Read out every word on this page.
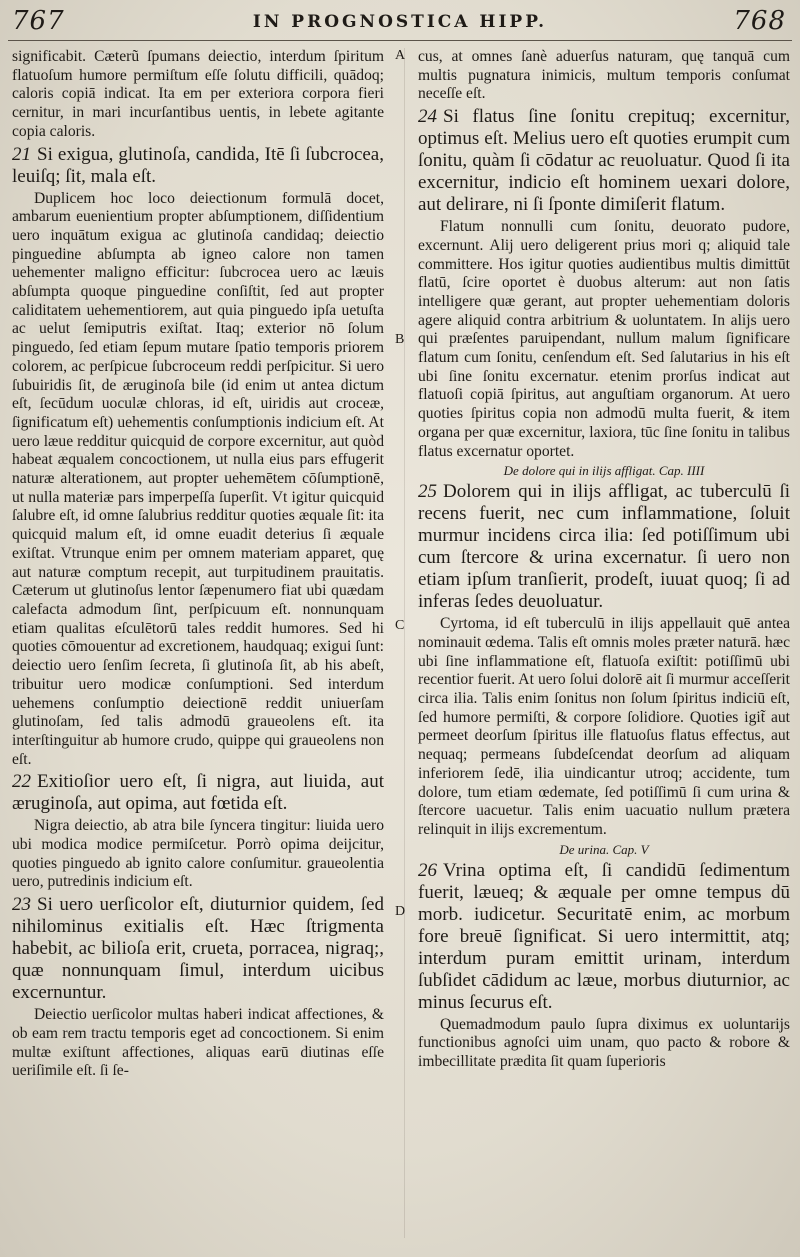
767	IN PROGNOSTICA HIPP.	768
A
B
C
D

significabit. Cæterũ ſpumans deiectio, interdum ſpiritum flatuoſum humore permiſtum eſſe ſolutu difficili, quādoq; caloris copiā indicat. Ita em per exteriora corpora fieri cernitur, in mari incurſantibus uentis, in lebete agitante copia caloris.

21 Si exigua, glutinoſa, candida, Itē ſi ſubcrocea, leuiſq; ſit, mala eſt.

Duplicem hoc loco deiectionum formulā docet, ambarum euenientium propter abſumptionem, diſſidentium uero inquātum exigua ac glutinoſa candidaq; deiectio pinguedine abſumpta ab igneo calore non tamen uehementer maligno efficitur: ſubcrocea uero ac læuis abſumpta quoque pinguedine conſiſtit, ſed aut propter caliditatem uehementiorem, aut quia pinguedo ipſa uetuſta ac uelut ſemiputris exiſtat. Itaq; exterior nō ſolum pinguedo, ſed etiam ſepum mutare ſpatio temporis priorem colorem, ac perſpicue ſubcroceum reddi perſpicitur. Si uero ſubuiridis ſit, de æruginoſa bile (id enim ut antea dictum eſt, ſecūdum uoculæ chloras, id eſt, uiridis aut croceæ, ſignificatum eſt) uehementis conſumptionis indicium eſt. At uero læue redditur quicquid de corpore excernitur, aut quòd habeat æqualem concoctionem, ut nulla eius pars effugerit naturæ alterationem, aut propter uehemētem cōſumptionē, ut nulla materiæ pars imperpeſſa ſuperſit. Vt igitur quicquid ſalubre eſt, id omne ſalubrius redditur quoties æquale ſit: ita quicquid malum eſt, id omne euadit deterius ſi æquale exiſtat. Vtrunque enim per omnem materiam apparet, quę aut naturæ comptum recepit, aut turpitudinem prauitatis. Cæterum ut glutinoſus lentor ſæpenumero fiat ubi quædam calefacta admodum ſint, perſpicuum eſt. nonnunquam etiam qualitas eſculētorū tales reddit humores. Sed hi quoties cōmouentur ad excretionem, haudquaq; exigui ſunt: deiectio uero ſenſim ſecreta, ſi glutinoſa ſit, ab his abeſt, tribuitur uero modicæ conſumptioni. Sed interdum uehemens conſumptio deiectionē reddit uniuerſam glutinoſam, ſed talis admodū graueolens eſt. ita interſtinguitur ab humore crudo, quippe qui graueolens non eſt.

22 Exitioſior uero eſt, ſi nigra, aut liuida, aut æruginoſa, aut opima, aut fœtida eſt.

Nigra deiectio, ab atra bile ſyncera tingitur: liuida uero ubi modica modice permiſcetur. Porrò opima deijcitur, quoties pinguedo ab ignito calore conſumitur. graueolentia uero, putredinis indicium eſt.

23 Si uero uerſicolor eſt, diuturnior quidem, ſed nihilominus exitialis eſt. Hæc ſtrigmenta habebit, ac bilioſa erit, crueta, porracea, nigraq;, quæ nonnunquam ſimul, interdum uicibus excernuntur.

Deiectio uerſicolor multas haberi indicat affectiones, & ob eam rem tractu temporis eget ad concoctionem. Si enim multæ exiſtunt affectiones, aliquas earū diutinas eſſe ueriſimile eſt. ſi ſe-

cus, at omnes ſanè aduerſus naturam, quę tanquā cum multis pugnatura inimicis, multum temporis conſumat neceſſe eſt.

24 Si flatus ſine ſonitu crepituq; excernitur, optimus eſt. Melius uero eſt quoties erumpit cum ſonitu, quàm ſi cōdatur ac reuoluatur. Quod ſi ita excernitur, indicio eſt hominem uexari dolore, aut delirare, ni ſi ſponte dimiſerit flatum.

Flatum nonnulli cum ſonitu, deuorato pudore, excernunt. Alij uero deligerent prius mori q; aliquid tale committere. Hos igitur quoties audientibus multis dimittūt flatū, ſcire oportet è duobus alterum: aut non ſatis intelligere quæ gerant, aut propter uehementiam doloris agere aliquid contra arbitrium & uoluntatem. In alijs uero qui præſentes paruipendant, nullum malum ſignificare flatum cum ſonitu, cenſendum eſt. Sed ſalutarius in his eſt ubi ſine ſonitu excernatur. etenim prorſus indicat aut flatuoſi copiā ſpiritus, aut anguſtiam organorum. At uero quoties ſpiritus copia non admodū multa fuerit, & item organa per quæ excernitur, laxiora, tūc ſine ſonitu in talibus flatus excernatur oportet.

De dolore qui in ilijs affligat. Cap. IIII

25 Dolorem qui in ilijs affligat, ac tuberculū ſi recens fuerit, nec cum inflammatione, ſoluit murmur incidens circa ilia: ſed potiſſimum ubi cum ſtercore & urina excernatur. ſi uero non etiam ipſum tranſierit, prodeſt, iuuat quoq; ſi ad inferas ſedes deuoluatur.

Cyrtoma, id eſt tuberculū in ilijs appellauit quē antea nominauit œdema. Talis eſt omnis moles præter naturā. hæc ubi ſine inflammatione eſt, flatuoſa exiſtit: potiſſimū ubi recentior fuerit. At uero ſolui dolorē ait ſi murmur acceſſerit circa ilia. Talis enim ſonitus non ſolum ſpiritus indiciū eſt, ſed humore permiſti, & corpore ſolidiore. Quoties igit̃ aut permeet deorſum ſpiritus ille flatuoſus flatus effectus, aut nequaq; permeans ſubdeſcendat deorſum ad aliquam inferiorem ſedē, ilia uindicantur utroq; accidente, tum dolore, tum etiam œdemate, ſed potiſſimū ſi cum urina & ſtercore uacuetur. Talis enim uacuatio nullum prætera relinquit in ilijs excrementum.

De urina. Cap. V

26 Vrina optima eſt, ſi candidū ſedimentum fuerit, læueq; & æquale per omne tempus dū morb. iudicetur. Securitatē enim, ac morbum fore breuē ſignificat. Si uero intermittit, atq; interdum puram emittit urinam, interdum ſubſidet cādidum ac læue, morbus diuturnior, ac minus ſecurus eſt.

Quemadmodum paulo ſupra diximus ex uoluntarijs functionibus agnoſci uim unam, quo pacto & robore & imbecillitate prædita ſit quam ſuperioris
